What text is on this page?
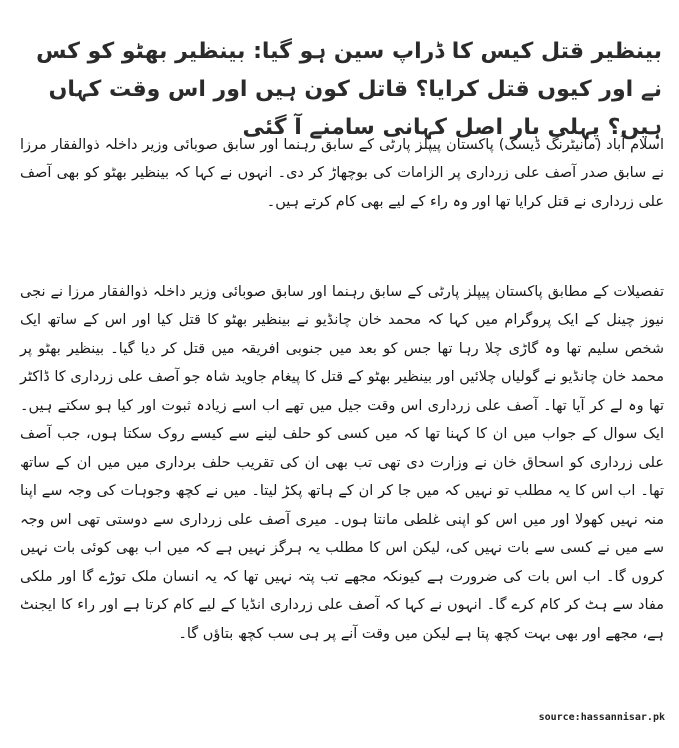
بینظیر قتل کیس کا ڈراپ سین ہو گیا: بینظیر بھٹو کو کس نے اور کیوں قتل کرایا؟ قاتل کون ہیں اور اس وقت کہاں ہیں؟ پہلی بار اصل کہانی سامنے آ گئی

اسلام آباد (مانیٹرنگ ڈیسک) پاکستان پیپلز پارٹی کے سابق رہنما اور سابق صوبائی وزیر داخلہ ذوالفقار مرزا نے سابق صدر آصف علی زرداری پر الزامات کی بوچھاڑ کر دی۔ انہوں نے کہا کہ بینظیر بھٹو کو بھی آصف علی زرداری نے قتل کرایا تھا اور وہ راء کے لیے بھی کام کرتے ہیں۔

تفصیلات کے مطابق پاکستان پیپلز پارٹی کے سابق رہنما اور سابق صوبائی وزیر داخلہ ذوالفقار مرزا نے نجی نیوز چینل کے ایک پروگرام میں کہا کہ محمد خان چانڈیو نے بینظیر بھٹو کا قتل کیا اور اس کے ساتھ ایک شخص سلیم تھا وہ گاڑی چلا رہا تھا جس کو بعد میں جنوبی افریقہ میں قتل کر دیا گیا۔ بینظیر بھٹو پر محمد خان چانڈیو نے گولیاں چلائیں اور بینظیر بھٹو کے قتل کا پیغام جاوید شاہ جو آصف علی زرداری کا ڈاکٹر تھا وہ لے کر آیا تھا۔ آصف علی زرداری اس وقت جیل میں تھے اب اسے زیادہ ثبوت اور کیا ہو سکتے ہیں۔ ایک سوال کے جواب میں ان کا کہنا تھا کہ میں کسی کو حلف لینے سے کیسے روک سکتا ہوں، جب آصف علی زرداری کو اسحاق خان نے وزارت دی تھی تب بھی ان کی تقریب حلف برداری میں میں ان کے ساتھ تھا۔ اب اس کا یہ مطلب تو نہیں کہ میں جا کر ان کے ہاتھ پکڑ لیتا۔ میں نے کچھ وجوہات کی وجہ سے اپنا منہ نہیں کھولا اور میں اس کو اپنی غلطی مانتا ہوں۔ میری آصف علی زرداری سے دوستی تھی اس وجہ سے میں نے کسی سے بات نہیں کی، لیکن اس کا مطلب یہ ہرگز نہیں ہے کہ میں اب بھی کوئی بات نہیں کروں گا۔ اب اس بات کی ضرورت ہے کیونکہ مجھے تب پتہ نہیں تھا کہ یہ انسان ملک توڑے گا اور ملکی مفاد سے ہٹ کر کام کرے گا۔ انہوں نے کہا کہ آصف علی زرداری انڈیا کے لیے کام کرتا ہے اور راء کا ایجنٹ ہے، مجھے اور بھی بہت کچھ پتا ہے لیکن میں وقت آنے پر ہی سب کچھ بتاؤں گا۔

source:hassannisar.pk
